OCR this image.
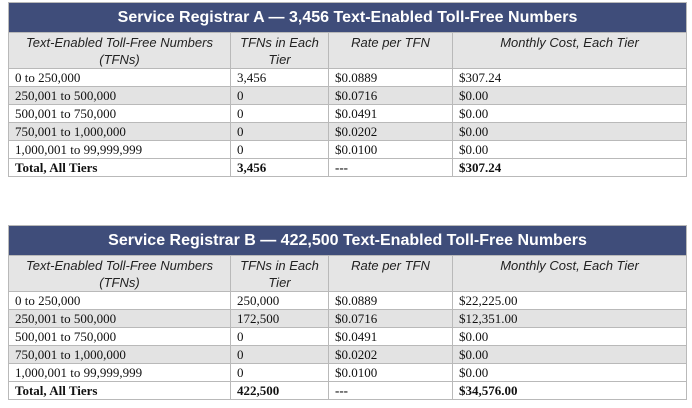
Service Registrar A — 3,456 Text-Enabled Toll-Free Numbers			
Text-Enabled Toll-Free Numbers (TFNs)	TFNs in Each Tier	Rate per TFN	Monthly Cost, Each Tier
0 to 250,000	3,456	$0.0889	$307.24
250,001 to 500,000	0	$0.0716	$0.00
500,001 to 750,000	0	$0.0491	$0.00
750,001 to 1,000,000	0	$0.0202	$0.00
1,000,001 to 99,999,999	0	$0.0100	$0.00
Total, All Tiers	3,456	---	$307.24
Service Registrar B — 422,500 Text-Enabled Toll-Free Numbers			
Text-Enabled Toll-Free Numbers (TFNs)	TFNs in Each Tier	Rate per TFN	Monthly Cost, Each Tier
0 to 250,000	250,000	$0.0889	$22,225.00
250,001 to 500,000	172,500	$0.0716	$12,351.00
500,001 to 750,000	0	$0.0491	$0.00
750,001 to 1,000,000	0	$0.0202	$0.00
1,000,001 to 99,999,999	0	$0.0100	$0.00
Total, All Tiers	422,500	---	$34,576.00
